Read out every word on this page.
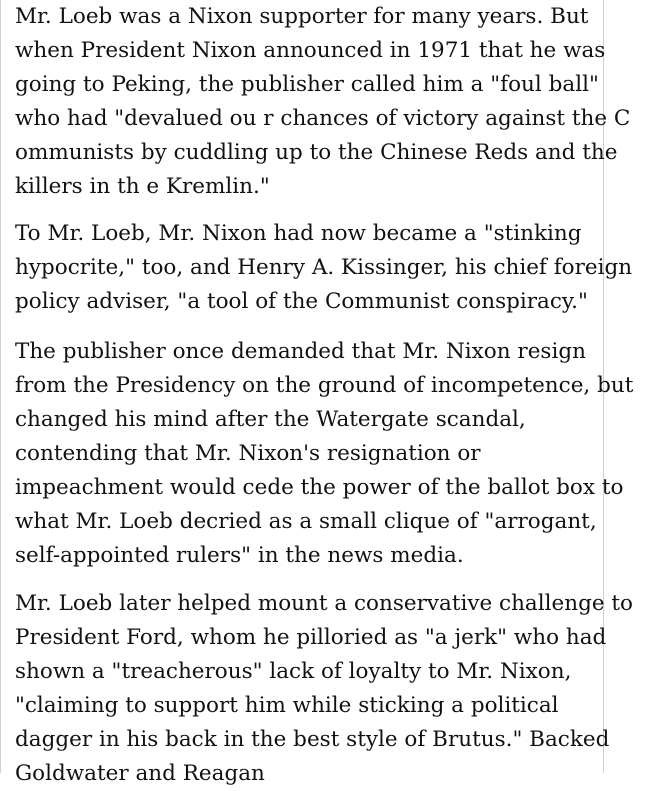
Mr. Loeb was a Nixon supporter for many years. But
when President Nixon announced in 1971 that he was
going to Peking, the publisher called him a "foul ball"
who had "devalued ou r chances of victory against the C
ommunists by cuddling up to the Chinese Reds and the
killers in th e Kremlin."

To Mr. Loeb, Mr. Nixon had now became a "stinking
hypocrite," too, and Henry A. Kissinger, his chief foreign
policy adviser, "a tool of the Communist conspiracy."

The publisher once demanded that Mr. Nixon resign
from the Presidency on the ground of incompetence, but
changed his mind after the Watergate scandal,
contending that Mr. Nixon's resignation or
impeachment would cede the power of the ballot box to
what Mr. Loeb decried as a small clique of "arrogant,
self-appointed rulers" in the news media.

Mr. Loeb later helped mount a conservative challenge to
President Ford, whom he pilloried as "a jerk" who had
shown a "treacherous" lack of loyalty to Mr. Nixon,
"claiming to support him while sticking a political
dagger in his back in the best style of Brutus." Backed
Goldwater and Reagan
